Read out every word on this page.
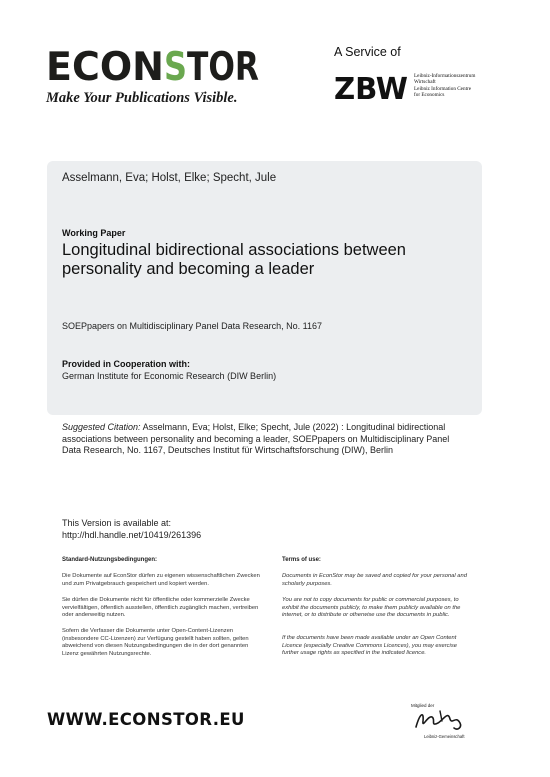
ECON S TOR
Make Your Publications Visible.
A Service of
ZBW Leibniz-Informationszentrum
Wirtschaft
Leibniz Information Centre
for Economics
Asselmann, Eva; Holst, Elke; Specht, Jule
Working Paper
Longitudinal bidirectional associations between personality and becoming a leader
SOEPpapers on Multidisciplinary Panel Data Research, No. 1167
Provided in Cooperation with:
German Institute for Economic Research (DIW Berlin)
Suggested Citation: Asselmann, Eva; Holst, Elke; Specht, Jule (2022) : Longitudinal bidirectional associations between personality and becoming a leader, SOEPpapers on Multidisciplinary Panel Data Research, No. 1167, Deutsches Institut für Wirtschaftsforschung (DIW), Berlin
This Version is available at:
http://hdl.handle.net/10419/261396
Standard-Nutzungsbedingungen:
Die Dokumente auf EconStor dürfen zu eigenen wissenschaftlichen Zwecken und zum Privatgebrauch gespeichert und kopiert werden.
Sie dürfen die Dokumente nicht für öffentliche oder kommerzielle Zwecke vervielfältigen, öffentlich ausstellen, öffentlich zugänglich machen, vertreiben oder anderweitig nutzen.
Sofern die Verfasser die Dokumente unter Open-Content-Lizenzen (insbesondere CC-Lizenzen) zur Verfügung gestellt haben sollten, gelten abweichend von diesen Nutzungsbedingungen die in der dort genannten Lizenz gewährten Nutzungsrechte.
Terms of use:
Documents in EconStor may be saved and copied for your personal and scholarly purposes.
You are not to copy documents for public or commercial purposes, to exhibit the documents publicly, to make them publicly available on the internet, or to distribute or otherwise use the documents in public.
If the documents have been made available under an Open Content Licence (especially Creative Commons Licences), you may exercise further usage rights as specified in the indicated licence.
WWW.ECONSTOR.EU
Mitglied der
Leibniz-Gemeinschaft
